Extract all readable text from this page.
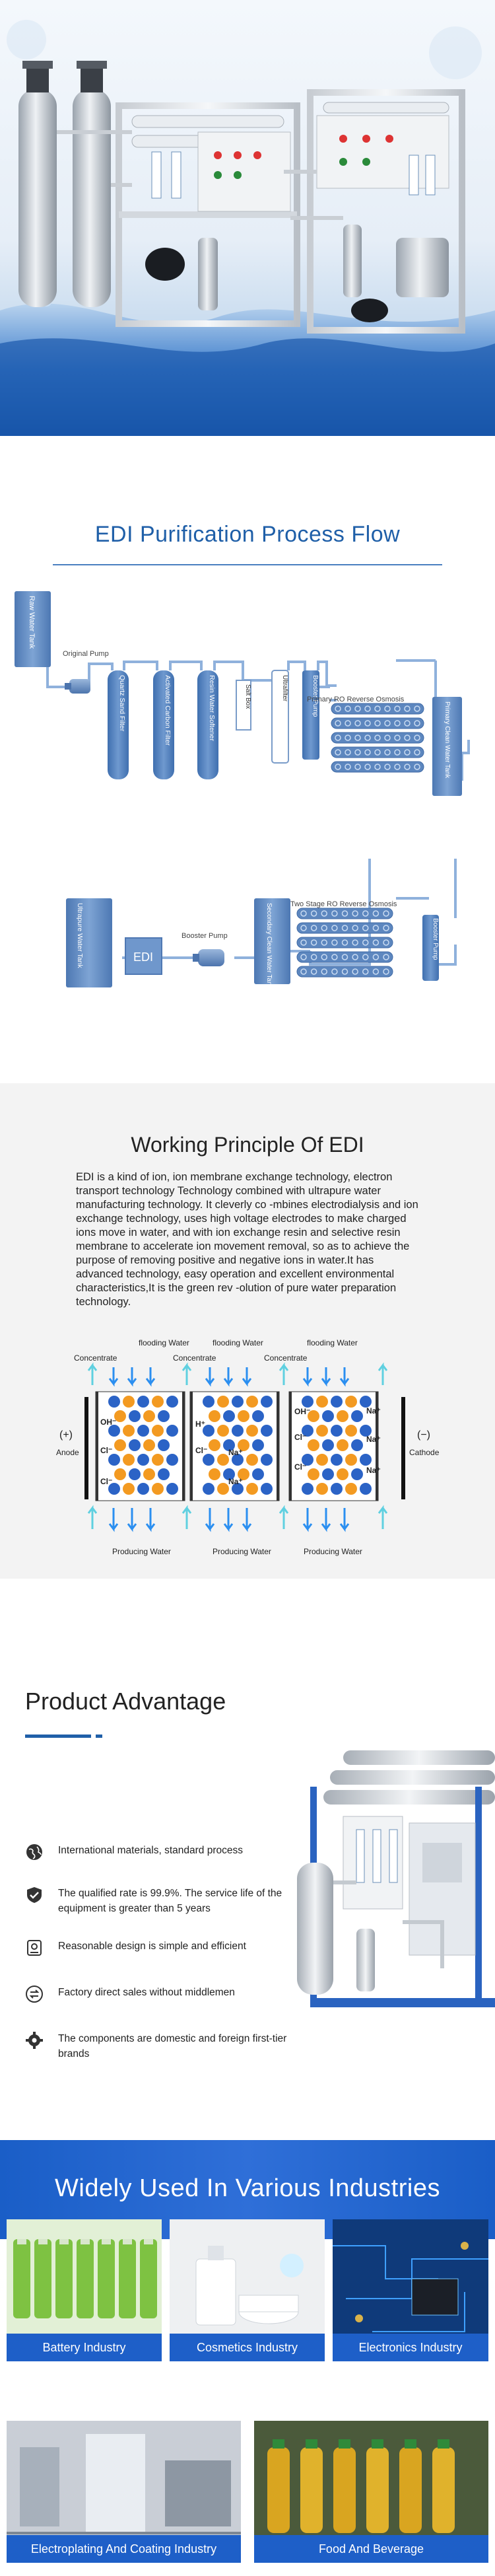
EDI Purification Process Flow
Raw Water Tank
Original Pump
Quartz Sand Filter	Activated Carbon Filter	Resin Water Softener	Salt Box	Ultrafilter	Booster Pump
Primary RO Reverse Osmosis
Primary Clean Water Tank
Ultrapure Water Tank	EDI
Booster Pump	Secondary Clean Water Tank Two Stage RO Reverse Osmosis
Booster Pump
Working Principle Of EDI
EDI is a kind of ion, ion membrane exchange technology, electron transport technology Technology combined with ultrapure water manufacturing technology. It cleverly co -mbines electrodialysis and ion exchange technology, uses high voltage electrodes to make charged ions move in water, and with ion exchange resin and selective resin membrane to accelerate ion movement removal, so as to achieve the purpose of removing positive and negative ions in water.It has advanced technology, easy operation and excellent environmental characteristics,It is the green rev -olution of pure water preparation technology.
Concentrate	Concentrate	Concentrate
flooding Water	flooding Water	flooding Water
Producing Water	Producing Water	Producing Water
(+)
Anode
(−)
Cathode
OH⁻
Cl⁻
Cl⁻
H⁺
Cl⁻	Na⁺
Na⁺
OH⁻
Cl⁻
Cl⁻
Na⁺
Na⁺
Na⁺
Product Advantage
International materials, standard process
The qualified rate is 99.9%. The service life of the equipment is greater than 5 years
Reasonable design is simple and efficient
Factory direct sales without middlemen
The components are domestic and foreign first-tier brands
Widely Used In Various Industries
Battery Industry	Cosmetics Industry	Electronics Industry
Electroplating And Coating Industry	Food And Beverage
